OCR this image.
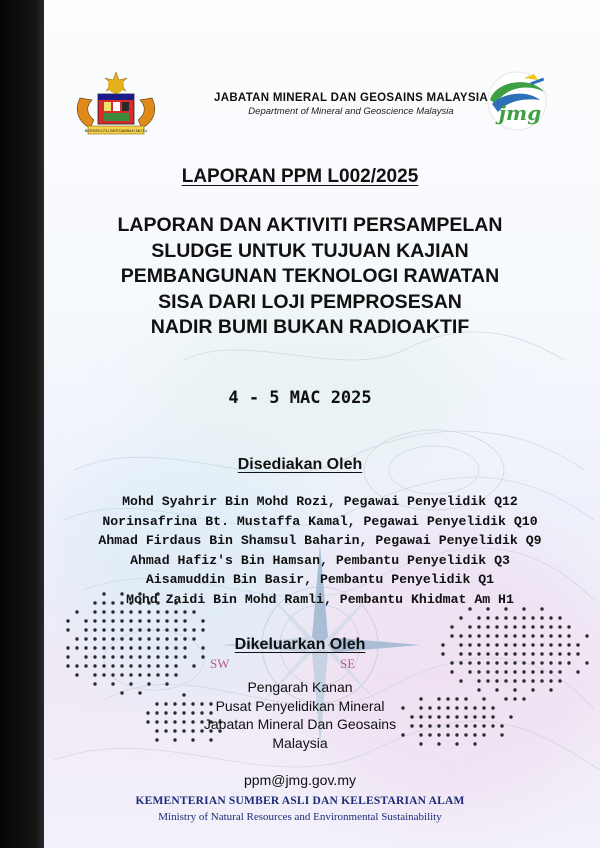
SW	SE
BERSEKUTU BERTAMBAH MUTU
JABATAN MINERAL DAN GEOSAINS MALAYSIA
Department of Mineral and Geoscience Malaysia	jmg
LAPORAN PPM L002/2025
LAPORAN DAN AKTIVITI PERSAMPELAN
SLUDGE UNTUK TUJUAN KAJIAN
PEMBANGUNAN TEKNOLOGI RAWATAN
SISA DARI LOJI PEMPROSESAN
NADIR BUMI BUKAN RADIOAKTIF
4 - 5 MAC 2025
Disediakan Oleh
Mohd Syahrir Bin Mohd Rozi, Pegawai Penyelidik Q12
Norinsafrina Bt. Mustaffa Kamal, Pegawai Penyelidik Q10
Ahmad Firdaus Bin Shamsul Baharin, Pegawai Penyelidik Q9
Ahmad Hafiz's Bin Hamsan, Pembantu Penyelidik Q3
Aisamuddin Bin Basir, Pembantu Penyelidik Q1
Mohd Zaidi Bin Mohd Ramli, Pembantu Khidmat Am H1
Dikeluarkan Oleh
Pengarah Kanan
Pusat Penyelidikan Mineral
Jabatan Mineral Dan Geosains
Malaysia
ppm@jmg.gov.my
KEMENTERIAN SUMBER ASLI DAN KELESTARIAN ALAM
Ministry of Natural Resources and Environmental Sustainability
